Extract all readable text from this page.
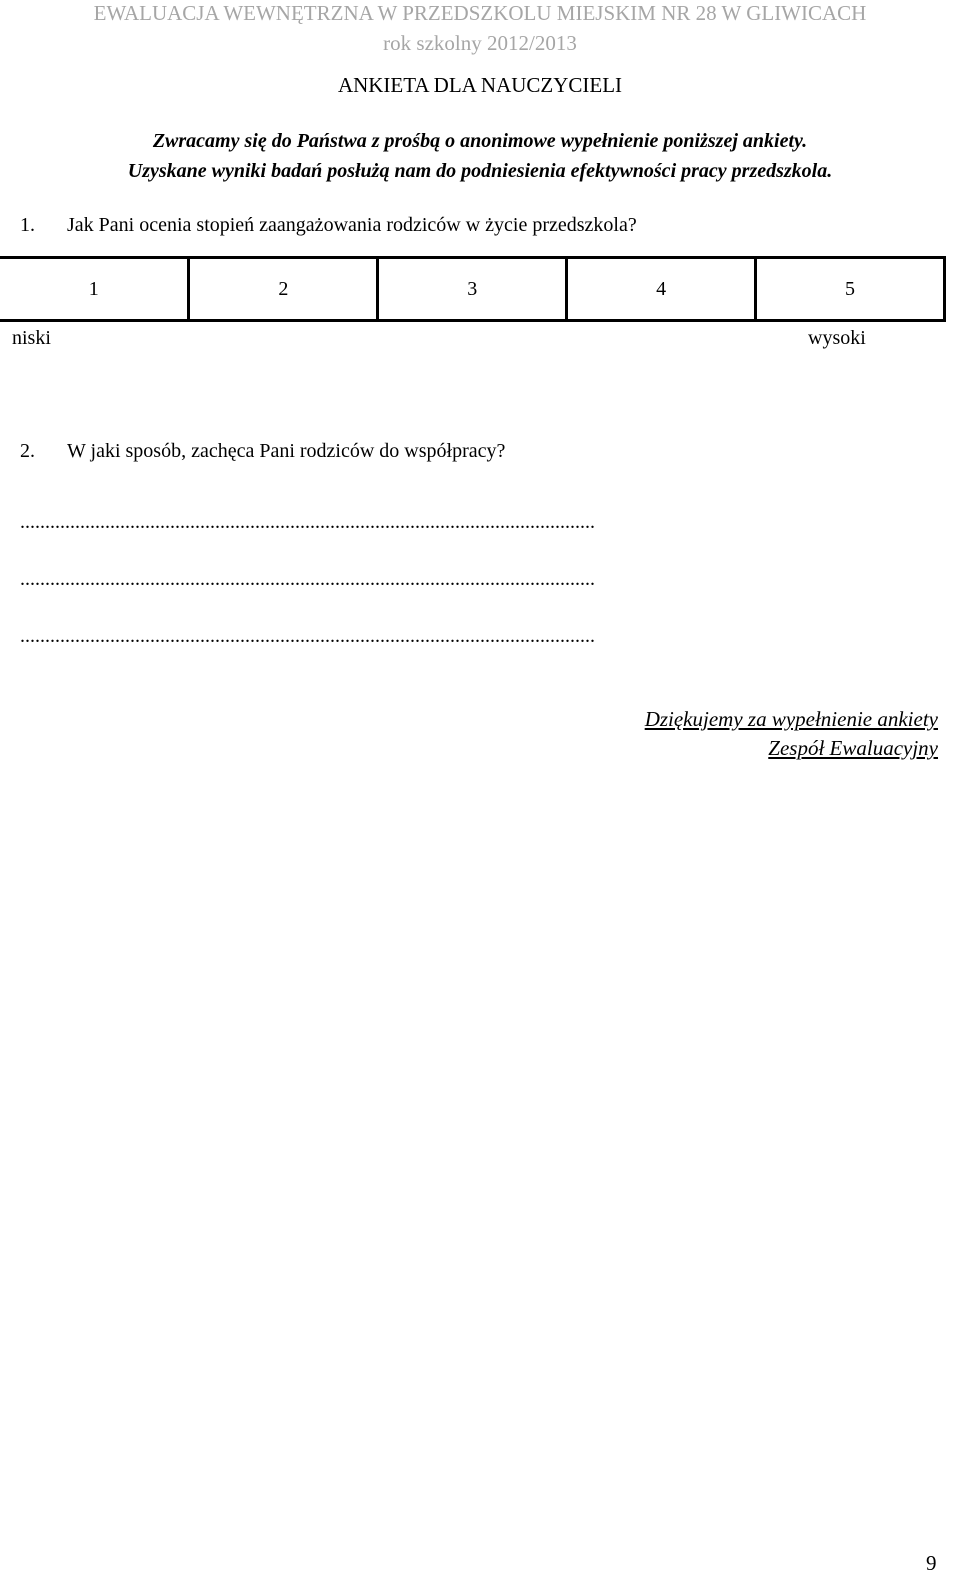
EWALUACJA WEWNĘTRZNA W PRZEDSZKOLU MIEJSKIM NR 28 W GLIWICACH
rok szkolny 2012/2013
ANKIETA DLA NAUCZYCIELI
Zwracamy się do Państwa z prośbą o anonimowe wypełnienie poniższej ankiety.
Uzyskane wyniki badań posłużą nam do podniesienia efektywności pracy przedszkola.
1. Jak Pani ocenia stopień zaangażowania rodziców w życie przedszkola?
1	2	3	4	5
niski	wysoki
2. W jaki sposób, zachęca Pani rodziców do współpracy?
...................................................................................................................
...................................................................................................................
...................................................................................................................
Dziękujemy za wypełnienie ankiety
Zespół Ewaluacyjny
9
